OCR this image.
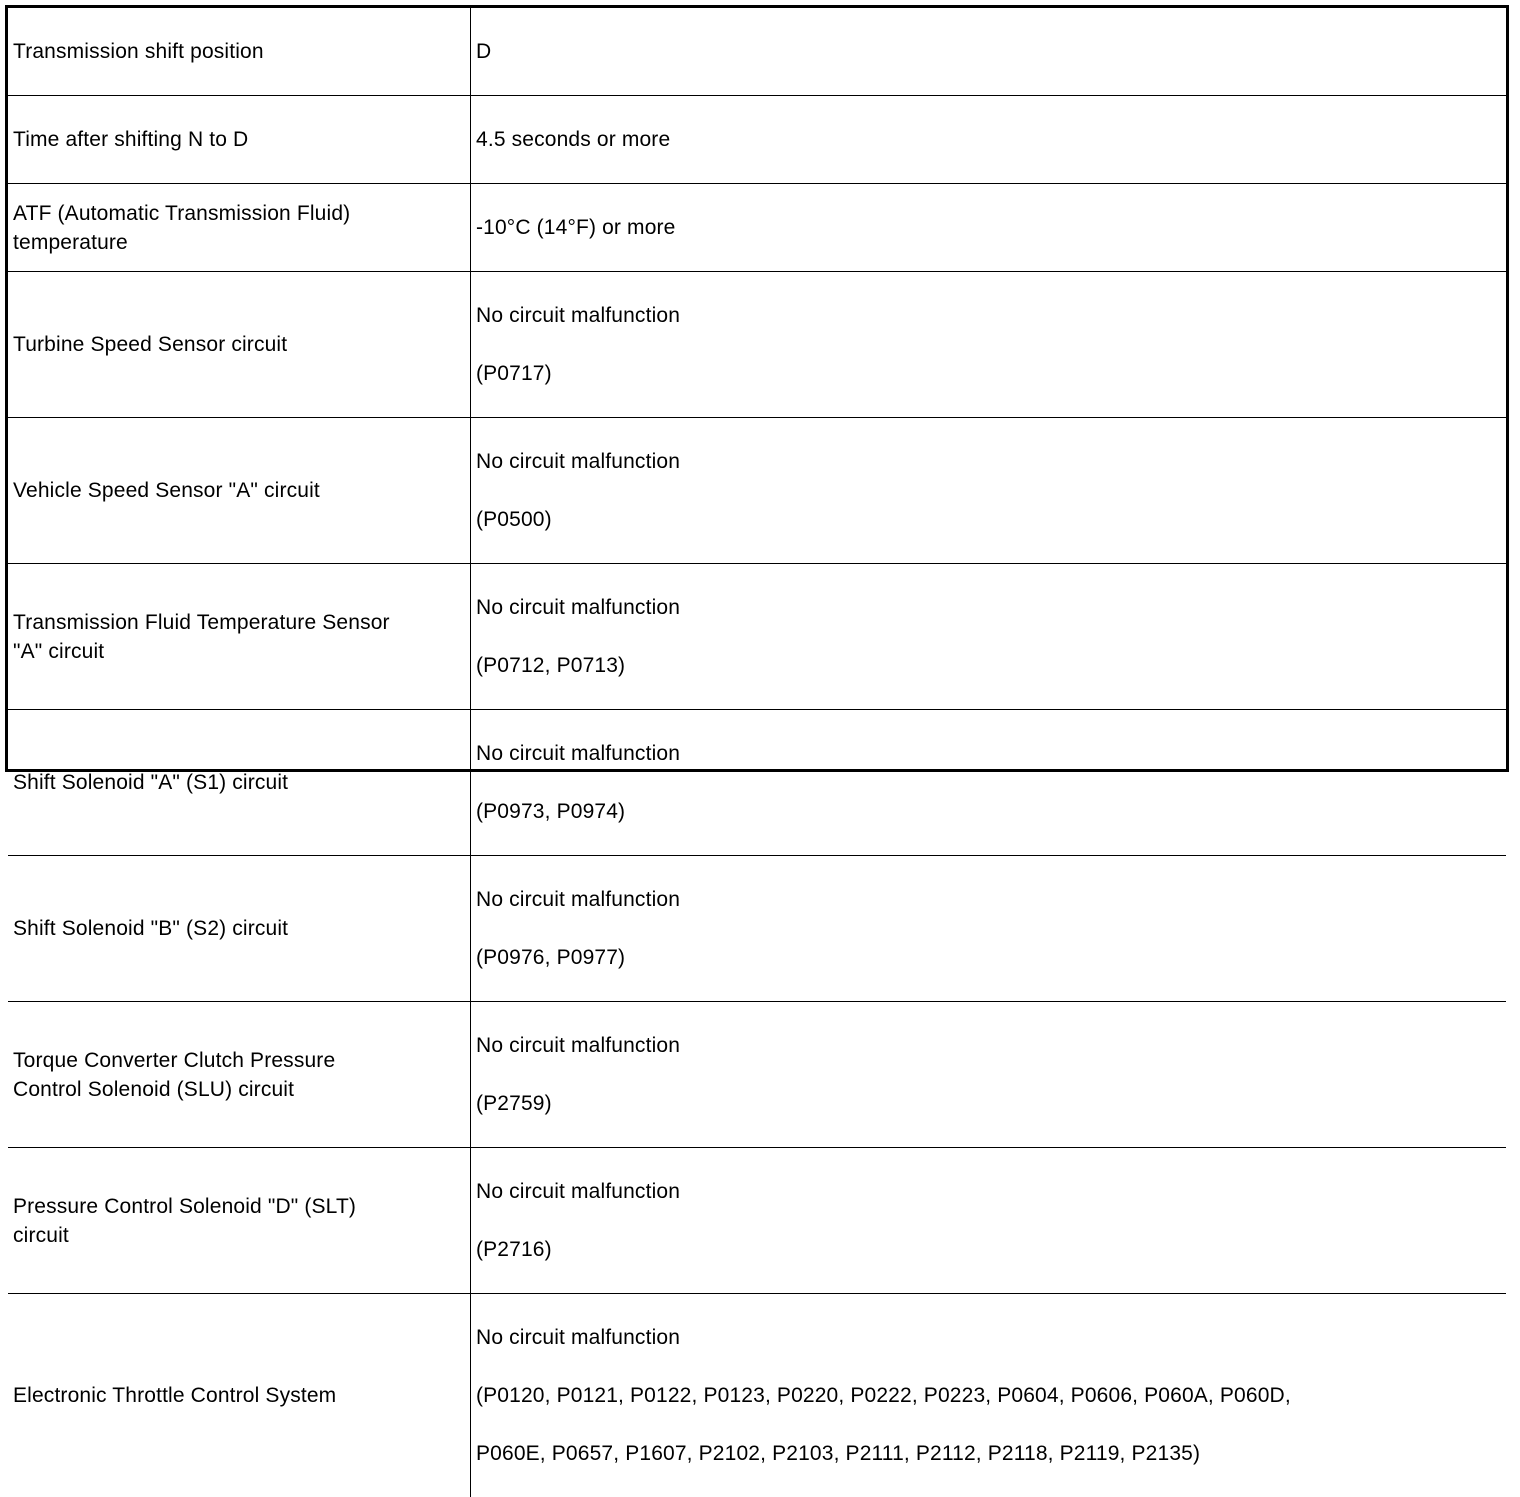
Transmission shift position	D

Time after shifting N to D	4.5 seconds or more

ATF (Automatic Transmission Fluid)
temperature	-10°C (14°F) or more

Turbine Speed Sensor circuit	No circuit malfunction

(P0717)

Vehicle Speed Sensor "A" circuit	No circuit malfunction

(P0500)

Transmission Fluid Temperature Sensor
"A" circuit	No circuit malfunction

(P0712, P0713)

Shift Solenoid "A" (S1) circuit	No circuit malfunction

(P0973, P0974)

Shift Solenoid "B" (S2) circuit	No circuit malfunction

(P0976, P0977)

Torque Converter Clutch Pressure
Control Solenoid (SLU) circuit	No circuit malfunction

(P2759)

Pressure Control Solenoid "D" (SLT)
circuit	No circuit malfunction

(P2716)

Electronic Throttle Control System	No circuit malfunction

(P0120, P0121, P0122, P0123, P0220, P0222, P0223, P0604, P0606, P060A, P060D,

P060E, P0657, P1607, P2102, P2103, P2111, P2112, P2118, P2119, P2135)
